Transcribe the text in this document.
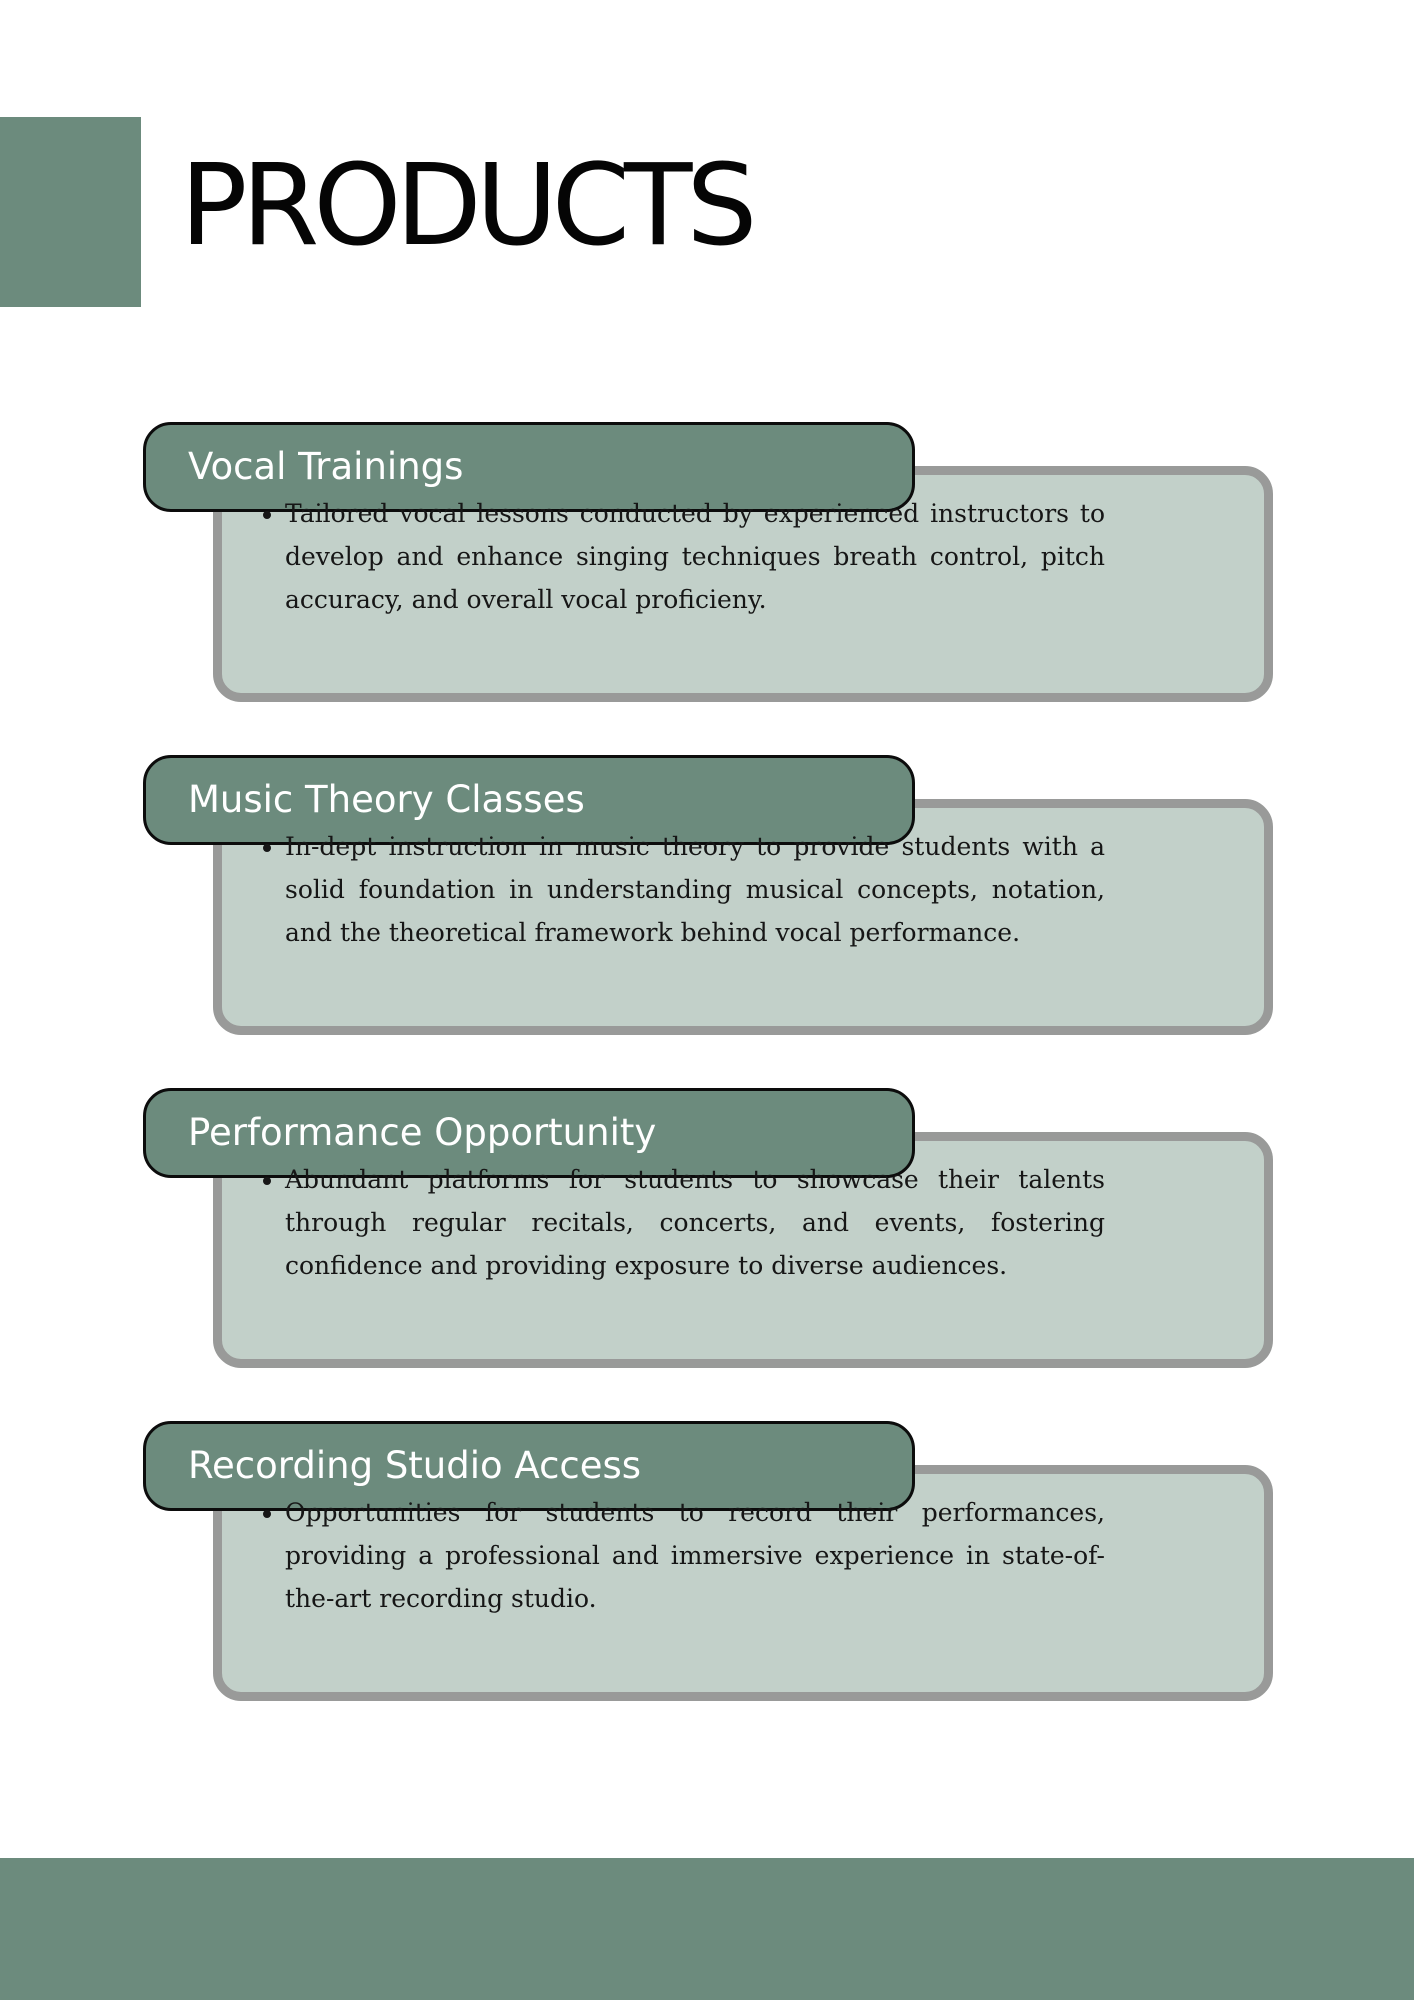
PRODUCTS
Vocal Trainings
• Tailored vocal lessons conducted by experienced instructors to develop and enhance singing techniques breath control, pitch accuracy, and overall vocal proficieny.
Music Theory Classes
• In-dept instruction in music theory to provide students with a solid foundation in understanding musical concepts, notation, and the theoretical framework behind vocal performance.
Performance Opportunity
• Abundant platforms for students to showcase their talents through regular recitals, concerts, and events, fostering confidence and providing exposure to diverse audiences.
Recording Studio Access
• Opportunities for students to record their performances, providing a professional and immersive experience in state-of-the-art recording studio.
